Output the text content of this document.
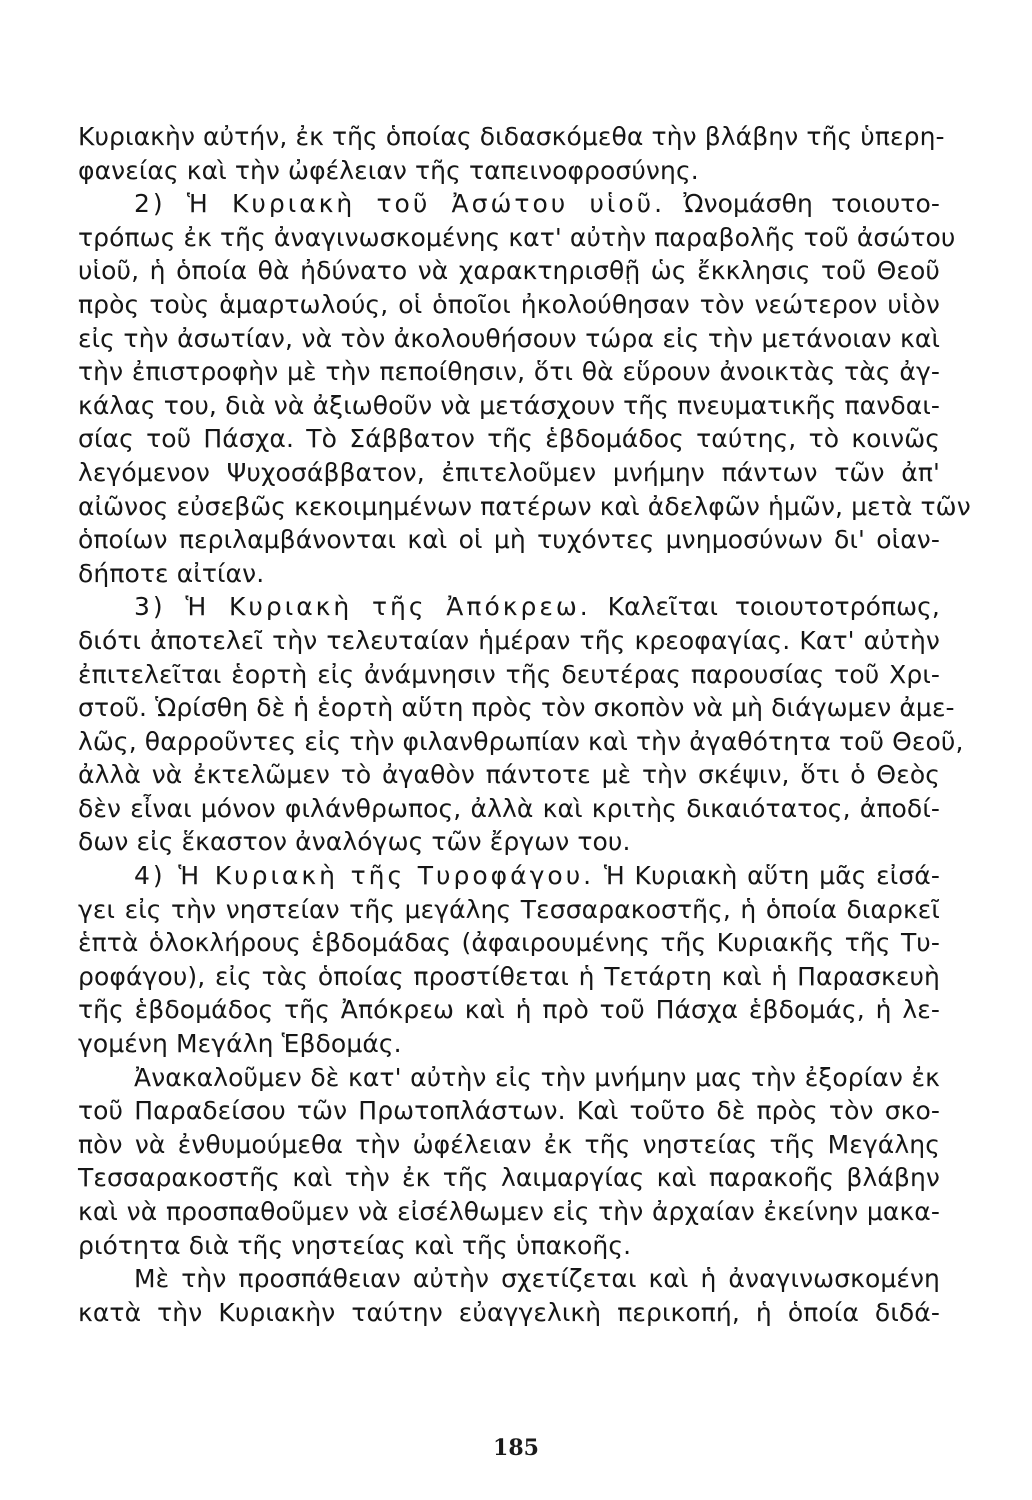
Κυριακὴν αὐτήν, ἐκ τῆς ὁποίας διδασκόμεθα τὴν βλάβην τῆς ὑπερη-
φανείας καὶ τὴν ὠφέλειαν τῆς ταπεινοφροσύνης.
2) Ἡ Κυριακὴ τοῦ Ἀσώτου υἱοῦ. Ὠνομάσθη τοιουτο-
τρόπως ἐκ τῆς ἀναγινωσκομένης κατ' αὐτὴν παραβολῆς τοῦ ἀσώτου
υἱοῦ, ἡ ὁποία θὰ ἠδύνατο νὰ χαρακτηρισθῇ ὡς ἔκκλησις τοῦ Θεοῦ
πρὸς τοὺς ἁμαρτωλούς, οἱ ὁποῖοι ἠκολούθησαν τὸν νεώτερον υἱὸν
εἰς τὴν ἀσωτίαν, νὰ τὸν ἀκολουθήσουν τώρα εἰς τὴν μετάνοιαν καὶ
τὴν ἐπιστροφὴν μὲ τὴν πεποίθησιν, ὅτι θὰ εὕρουν ἀνοικτὰς τὰς ἀγ-
κάλας του, διὰ νὰ ἀξιωθοῦν νὰ μετάσχουν τῆς πνευματικῆς πανδαι-
σίας τοῦ Πάσχα. Τὸ Σάββατον τῆς ἑβδομάδος ταύτης, τὸ κοινῶς
λεγόμενον Ψυχοσάββατον, ἐπιτελοῦμεν μνήμην πάντων τῶν ἀπ'
αἰῶνος εὐσεβῶς κεκοιμημένων πατέρων καὶ ἀδελφῶν ἡμῶν, μετὰ τῶν
ὁποίων περιλαμβάνονται καὶ οἱ μὴ τυχόντες μνημοσύνων δι' οἱαν-
δήποτε αἰτίαν.
3) Ἡ Κυριακὴ τῆς Ἀπόκρεω. Καλεῖται τοιουτοτρόπως,
διότι ἀποτελεῖ τὴν τελευταίαν ἡμέραν τῆς κρεοφαγίας. Κατ' αὐτὴν
ἐπιτελεῖται ἑορτὴ εἰς ἀνάμνησιν τῆς δευτέρας παρουσίας τοῦ Χρι-
στοῦ. Ὡρίσθη δὲ ἡ ἑορτὴ αὕτη πρὸς τὸν σκοπὸν νὰ μὴ διάγωμεν ἀμε-
λῶς, θαρροῦντες εἰς τὴν φιλανθρωπίαν καὶ τὴν ἀγαθότητα τοῦ Θεοῦ,
ἀλλὰ νὰ ἐκτελῶμεν τὸ ἀγαθὸν πάντοτε μὲ τὴν σκέψιν, ὅτι ὁ Θεὸς
δὲν εἶναι μόνον φιλάνθρωπος, ἀλλὰ καὶ κριτὴς δικαιότατος, ἀποδί-
δων εἰς ἕκαστον ἀναλόγως τῶν ἔργων του.
4) Ἡ Κυριακὴ τῆς Τυροφάγου. Ἡ Κυριακὴ αὕτη μᾶς εἰσά-
γει εἰς τὴν νηστείαν τῆς μεγάλης Τεσσαρακοστῆς, ἡ ὁποία διαρκεῖ
ἑπτὰ ὁλοκλήρους ἑβδομάδας (ἀφαιρουμένης τῆς Κυριακῆς τῆς Τυ-
ροφάγου), εἰς τὰς ὁποίας προστίθεται ἡ Τετάρτη καὶ ἡ Παρασκευὴ
τῆς ἑβδομάδος τῆς Ἀπόκρεω καὶ ἡ πρὸ τοῦ Πάσχα ἑβδομάς, ἡ λε-
γομένη Μεγάλη Ἑβδομάς.
Ἀνακαλοῦμεν δὲ κατ' αὐτὴν εἰς τὴν μνήμην μας τὴν ἐξορίαν ἐκ
τοῦ Παραδείσου τῶν Πρωτοπλάστων. Καὶ τοῦτο δὲ πρὸς τὸν σκο-
πὸν νὰ ἐνθυμούμεθα τὴν ὠφέλειαν ἐκ τῆς νηστείας τῆς Μεγάλης
Τεσσαρακοστῆς καὶ τὴν ἐκ τῆς λαιμαργίας καὶ παρακοῆς βλάβην
καὶ νὰ προσπαθοῦμεν νὰ εἰσέλθωμεν εἰς τὴν ἀρχαίαν ἐκείνην μακα-
ριότητα διὰ τῆς νηστείας καὶ τῆς ὑπακοῆς.
Μὲ τὴν προσπάθειαν αὐτὴν σχετίζεται καὶ ἡ ἀναγινωσκομένη
κατὰ τὴν Κυριακὴν ταύτην εὐαγγελικὴ περικοπή, ἡ ὁποία διδά-
185
